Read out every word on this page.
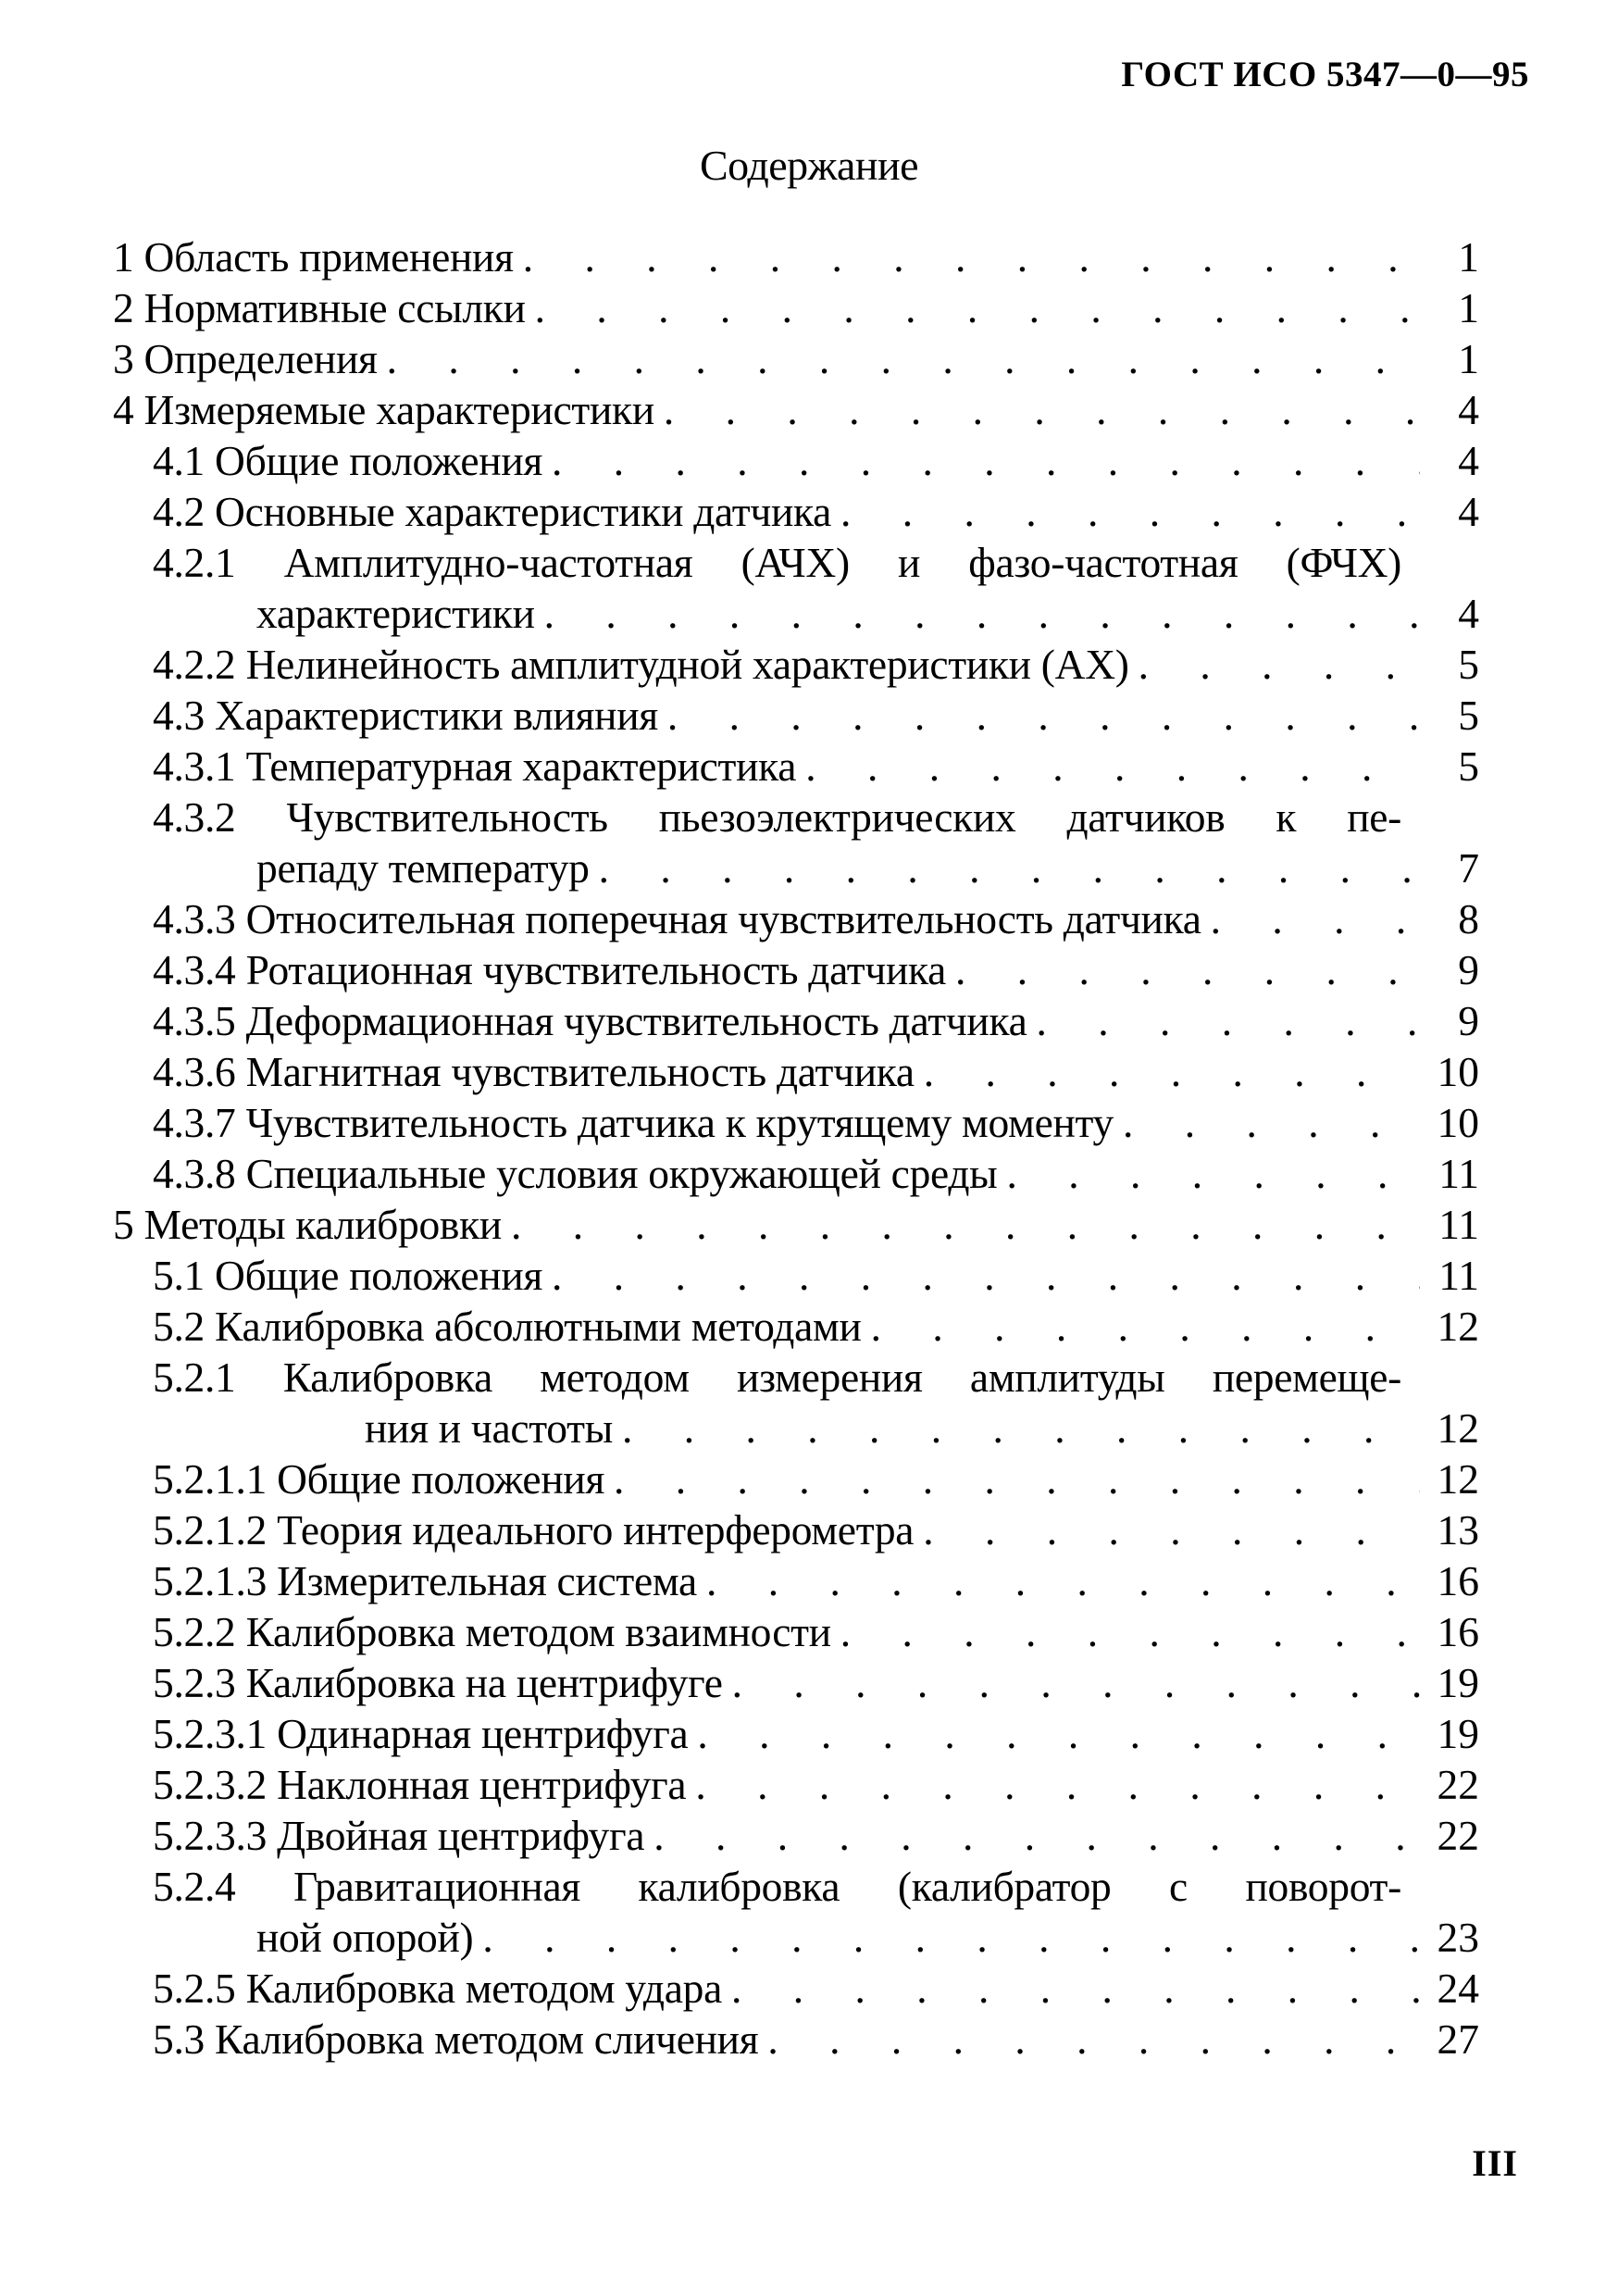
ГОСТ ИСО 5347—0—95
Содержание
1 Область применения . . .	1
2 Нормативные ссылки . . .	1
3 Определения . . .	1
4 Измеряемые характеристики . . .	4
4.1 Общие положения . . .	4
4.2 Основные характеристики датчика . . .	4
4.2.1 Амплитудно-частотная (АЧХ) и фазо-частотная (ФЧХ)
характеристики . . .	4
4.2.2 Нелинейность амплитудной характеристики (АХ) . . .	5
4.3 Характеристики влияния . . .	5
4.3.1 Температурная характеристика . . .	5
4.3.2 Чувствительность пьезоэлектрических датчиков к пе-
репаду температур . . .	7
4.3.3 Относительная поперечная чувствительность датчика . . .	8
4.3.4 Ротационная чувствительность датчика . . .	9
4.3.5 Деформационная чувствительность датчика . . .	9
4.3.6 Магнитная чувствительность датчика . . .	10
4.3.7 Чувствительность датчика к крутящему моменту . . .	10
4.3.8 Специальные условия окружающей среды . . .	11
5 Методы калибровки . . .	11
5.1 Общие положения . . .	11
5.2 Калибровка абсолютными методами . . .	12
5.2.1 Калибровка методом измерения амплитуды перемеще-
ния и частоты . . .	12
5.2.1.1 Общие положения . . .	12
5.2.1.2 Теория идеального интерферометра . . .	13
5.2.1.3 Измерительная система . . .	16
5.2.2 Калибровка методом взаимности . . .	16
5.2.3 Калибровка на центрифуге . . .	19
5.2.3.1 Одинарная центрифуга . . .	19
5.2.3.2 Наклонная центрифуга . . .	22
5.2.3.3 Двойная центрифуга . . .	22
5.2.4 Гравитационная калибровка (калибратор с поворот-
ной опорой) . . .	23
5.2.5 Калибровка методом удара . . .	24
5.3 Калибровка методом сличения . . .	27
III
